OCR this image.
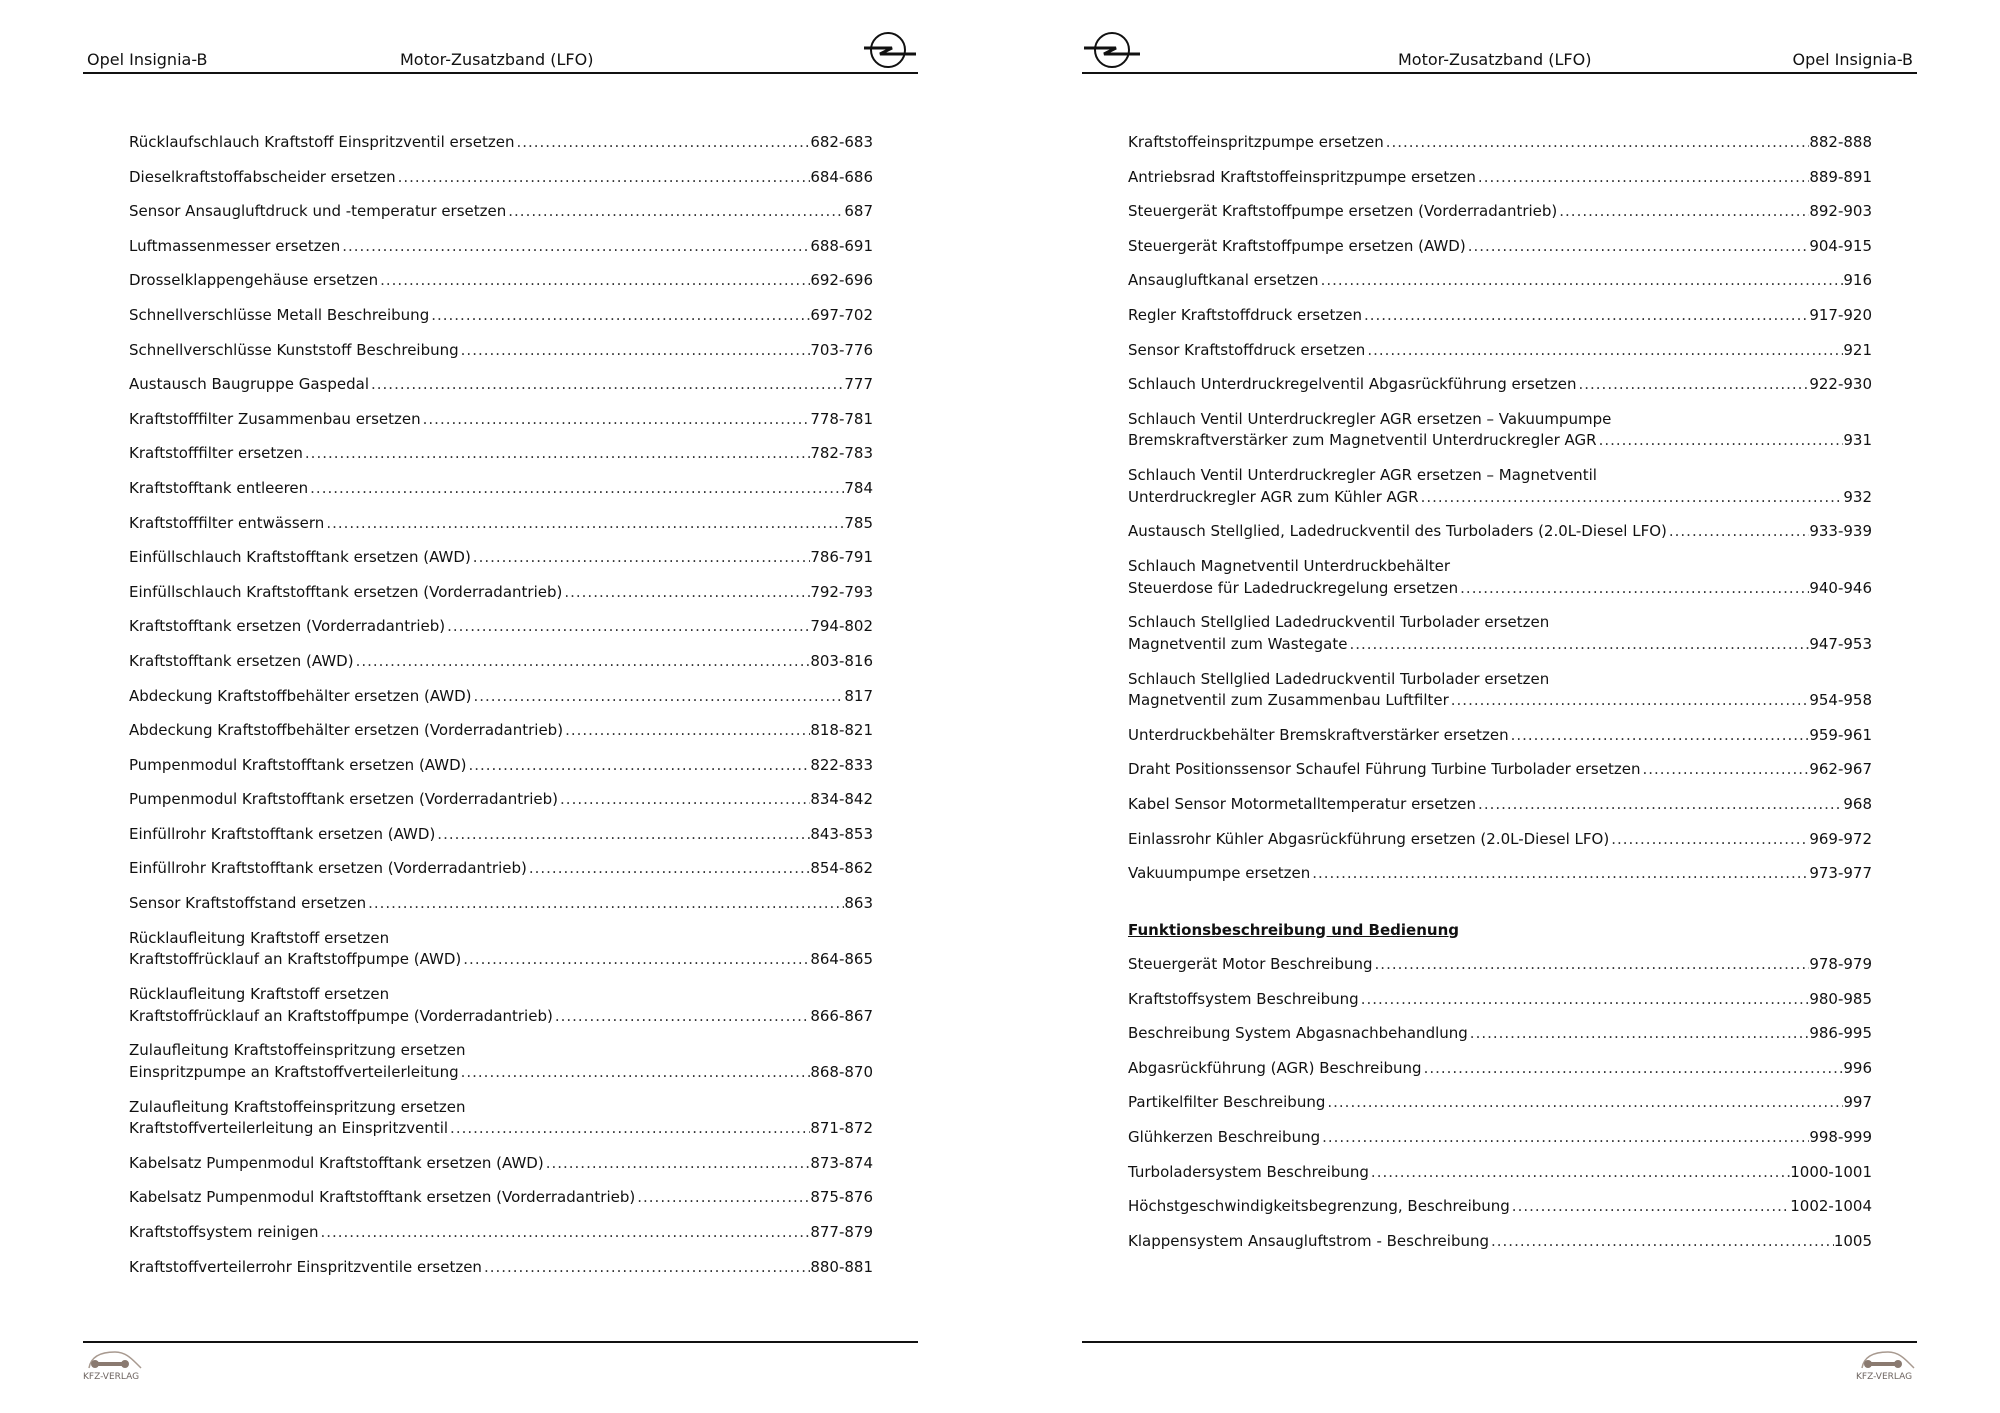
Opel Insignia-B	Motor-Zusatzband (LFO)
Rücklaufschlauch Kraftstoff Einspritzventil ersetzen .....	682-683
Dieselkraftstoffabscheider ersetzen .....	684-686
Sensor Ansaugluftdruck und -temperatur ersetzen .....	687
Luftmassenmesser ersetzen .....	688-691
Drosselklappengehäuse ersetzen .....	692-696
Schnellverschlüsse Metall Beschreibung .....	697-702
Schnellverschlüsse Kunststoff Beschreibung .....	703-776
Austausch Baugruppe Gaspedal .....	777
Kraftstofffilter Zusammenbau ersetzen .....	778-781
Kraftstofffilter ersetzen .....	782-783
Kraftstofftank entleeren .....	784
Kraftstofffilter entwässern .....	785
Einfüllschlauch Kraftstofftank ersetzen (AWD) .....	786-791
Einfüllschlauch Kraftstofftank ersetzen (Vorderradantrieb) .....	792-793
Kraftstofftank ersetzen (Vorderradantrieb) .....	794-802
Kraftstofftank ersetzen (AWD) .....	803-816
Abdeckung Kraftstoffbehälter ersetzen (AWD) .....	817
Abdeckung Kraftstoffbehälter ersetzen (Vorderradantrieb) .....	818-821
Pumpenmodul Kraftstofftank ersetzen (AWD) .....	822-833
Pumpenmodul Kraftstofftank ersetzen (Vorderradantrieb) .....	834-842
Einfüllrohr Kraftstofftank ersetzen (AWD) .....	843-853
Einfüllrohr Kraftstofftank ersetzen (Vorderradantrieb) .....	854-862
Sensor Kraftstoffstand ersetzen .....	863
Rücklaufleitung Kraftstoff ersetzen
Kraftstoffrücklauf an Kraftstoffpumpe (AWD) .....	864-865
Rücklaufleitung Kraftstoff ersetzen
Kraftstoffrücklauf an Kraftstoffpumpe (Vorderradantrieb) .....	866-867
Zulaufleitung Kraftstoffeinspritzung ersetzen
Einspritzpumpe an Kraftstoffverteilerleitung .....	868-870
Zulaufleitung Kraftstoffeinspritzung ersetzen
Kraftstoffverteilerleitung an Einspritzventil .....	871-872
Kabelsatz Pumpenmodul Kraftstofftank ersetzen (AWD) .....	873-874
Kabelsatz Pumpenmodul Kraftstofftank ersetzen (Vorderradantrieb) .....	875-876
Kraftstoffsystem reinigen .....	877-879
Kraftstoffverteilerrohr Einspritzventile ersetzen .....	880-881
KFZ-VERLAG
Motor-Zusatzband (LFO)	Opel Insignia-B
Kraftstoffeinspritzpumpe ersetzen .....	882-888
Antriebsrad Kraftstoffeinspritzpumpe ersetzen .....	889-891
Steuergerät Kraftstoffpumpe ersetzen (Vorderradantrieb) .....	892-903
Steuergerät Kraftstoffpumpe ersetzen (AWD) .....	904-915
Ansaugluftkanal ersetzen .....	916
Regler Kraftstoffdruck ersetzen .....	917-920
Sensor Kraftstoffdruck ersetzen .....	921
Schlauch Unterdruckregelventil Abgasrückführung ersetzen .....	922-930
Schlauch Ventil Unterdruckregler AGR ersetzen – Vakuumpumpe
Bremskraftverstärker zum Magnetventil Unterdruckregler AGR .....	931
Schlauch Ventil Unterdruckregler AGR ersetzen – Magnetventil
Unterdruckregler AGR zum Kühler AGR .....	932
Austausch Stellglied, Ladedruckventil des Turboladers (2.0L-Diesel LFO) .....	933-939
Schlauch Magnetventil Unterdruckbehälter
Steuerdose für Ladedruckregelung ersetzen .....	940-946
Schlauch Stellglied Ladedruckventil Turbolader ersetzen
Magnetventil zum Wastegate .....	947-953
Schlauch Stellglied Ladedruckventil Turbolader ersetzen
Magnetventil zum Zusammenbau Luftfilter .....	954-958
Unterdruckbehälter Bremskraftverstärker ersetzen .....	959-961
Draht Positionssensor Schaufel Führung Turbine Turbolader ersetzen .....	962-967
Kabel Sensor Motormetalltemperatur ersetzen .....	968
Einlassrohr Kühler Abgasrückführung ersetzen (2.0L-Diesel LFO) .....	969-972
Vakuumpumpe ersetzen .....	973-977
Funktionsbeschreibung und Bedienung
Steuergerät Motor Beschreibung .....	978-979
Kraftstoffsystem Beschreibung .....	980-985
Beschreibung System Abgasnachbehandlung .....	986-995
Abgasrückführung (AGR) Beschreibung .....	996
Partikelfilter Beschreibung .....	997
Glühkerzen Beschreibung .....	998-999
Turboladersystem Beschreibung .....	1000-1001
Höchstgeschwindigkeitsbegrenzung, Beschreibung .....	1002-1004
Klappensystem Ansaugluftstrom - Beschreibung .....	1005
KFZ-VERLAG
